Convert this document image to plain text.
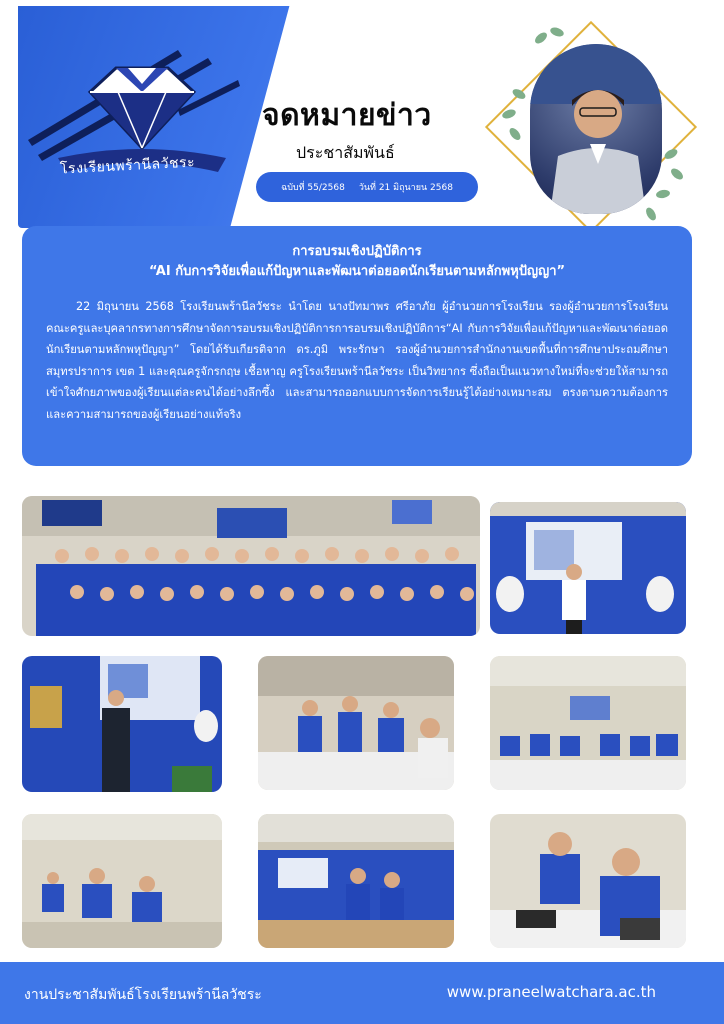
โรงเรียนพร้านีลวัชระ
จดหมายข่าว
ประชาสัมพันธ์
ฉบับที่ 55/2568 วันที่ 21 มิถุนายน 2568
การอบรมเชิงปฏิบัติการ
“AI กับการวิจัยเพื่อแก้ปัญหาและพัฒนาต่อยอดนักเรียนตามหลักพหุปัญญา”
22 มิถุนายน 2568 โรงเรียนพร้านีลวัชระ นำโดย นางปัทมาพร ศรีอาภัย ผู้อำนวยการโรงเรียน รองผู้อำนวยการโรงเรียน คณะครูและบุคลากรทางการศึกษาจัดการอบรมเชิงปฏิบัติการการอบรมเชิงปฏิบัติการ“AI กับการวิจัยเพื่อแก้ปัญหาและพัฒนาต่อยอดนักเรียนตามหลักพหุปัญญา” โดยได้รับเกียรติจาก ดร.ภูมิ พระรักษา รองผู้อำนวยการสำนักงานเขตพื้นที่การศึกษาประถมศึกษาสมุทรปราการ เขต 1 และคุณครูจักรกฤษ เชื้อหาญ ครูโรงเรียนพร้านีลวัชระ เป็นวิทยากร ซึ่งถือเป็นแนวทางใหม่ที่จะช่วยให้สามารถเข้าใจศักยภาพของผู้เรียนแต่ละคนได้อย่างลึกซึ้ง และสามารถออกแบบการจัดการเรียนรู้ได้อย่างเหมาะสม ตรงตามความต้องการและความสามารถของผู้เรียนอย่างแท้จริง
งานประชาสัมพันธ์โรงเรียนพร้านีลวัชระ	www.praneelwatchara.ac.th
